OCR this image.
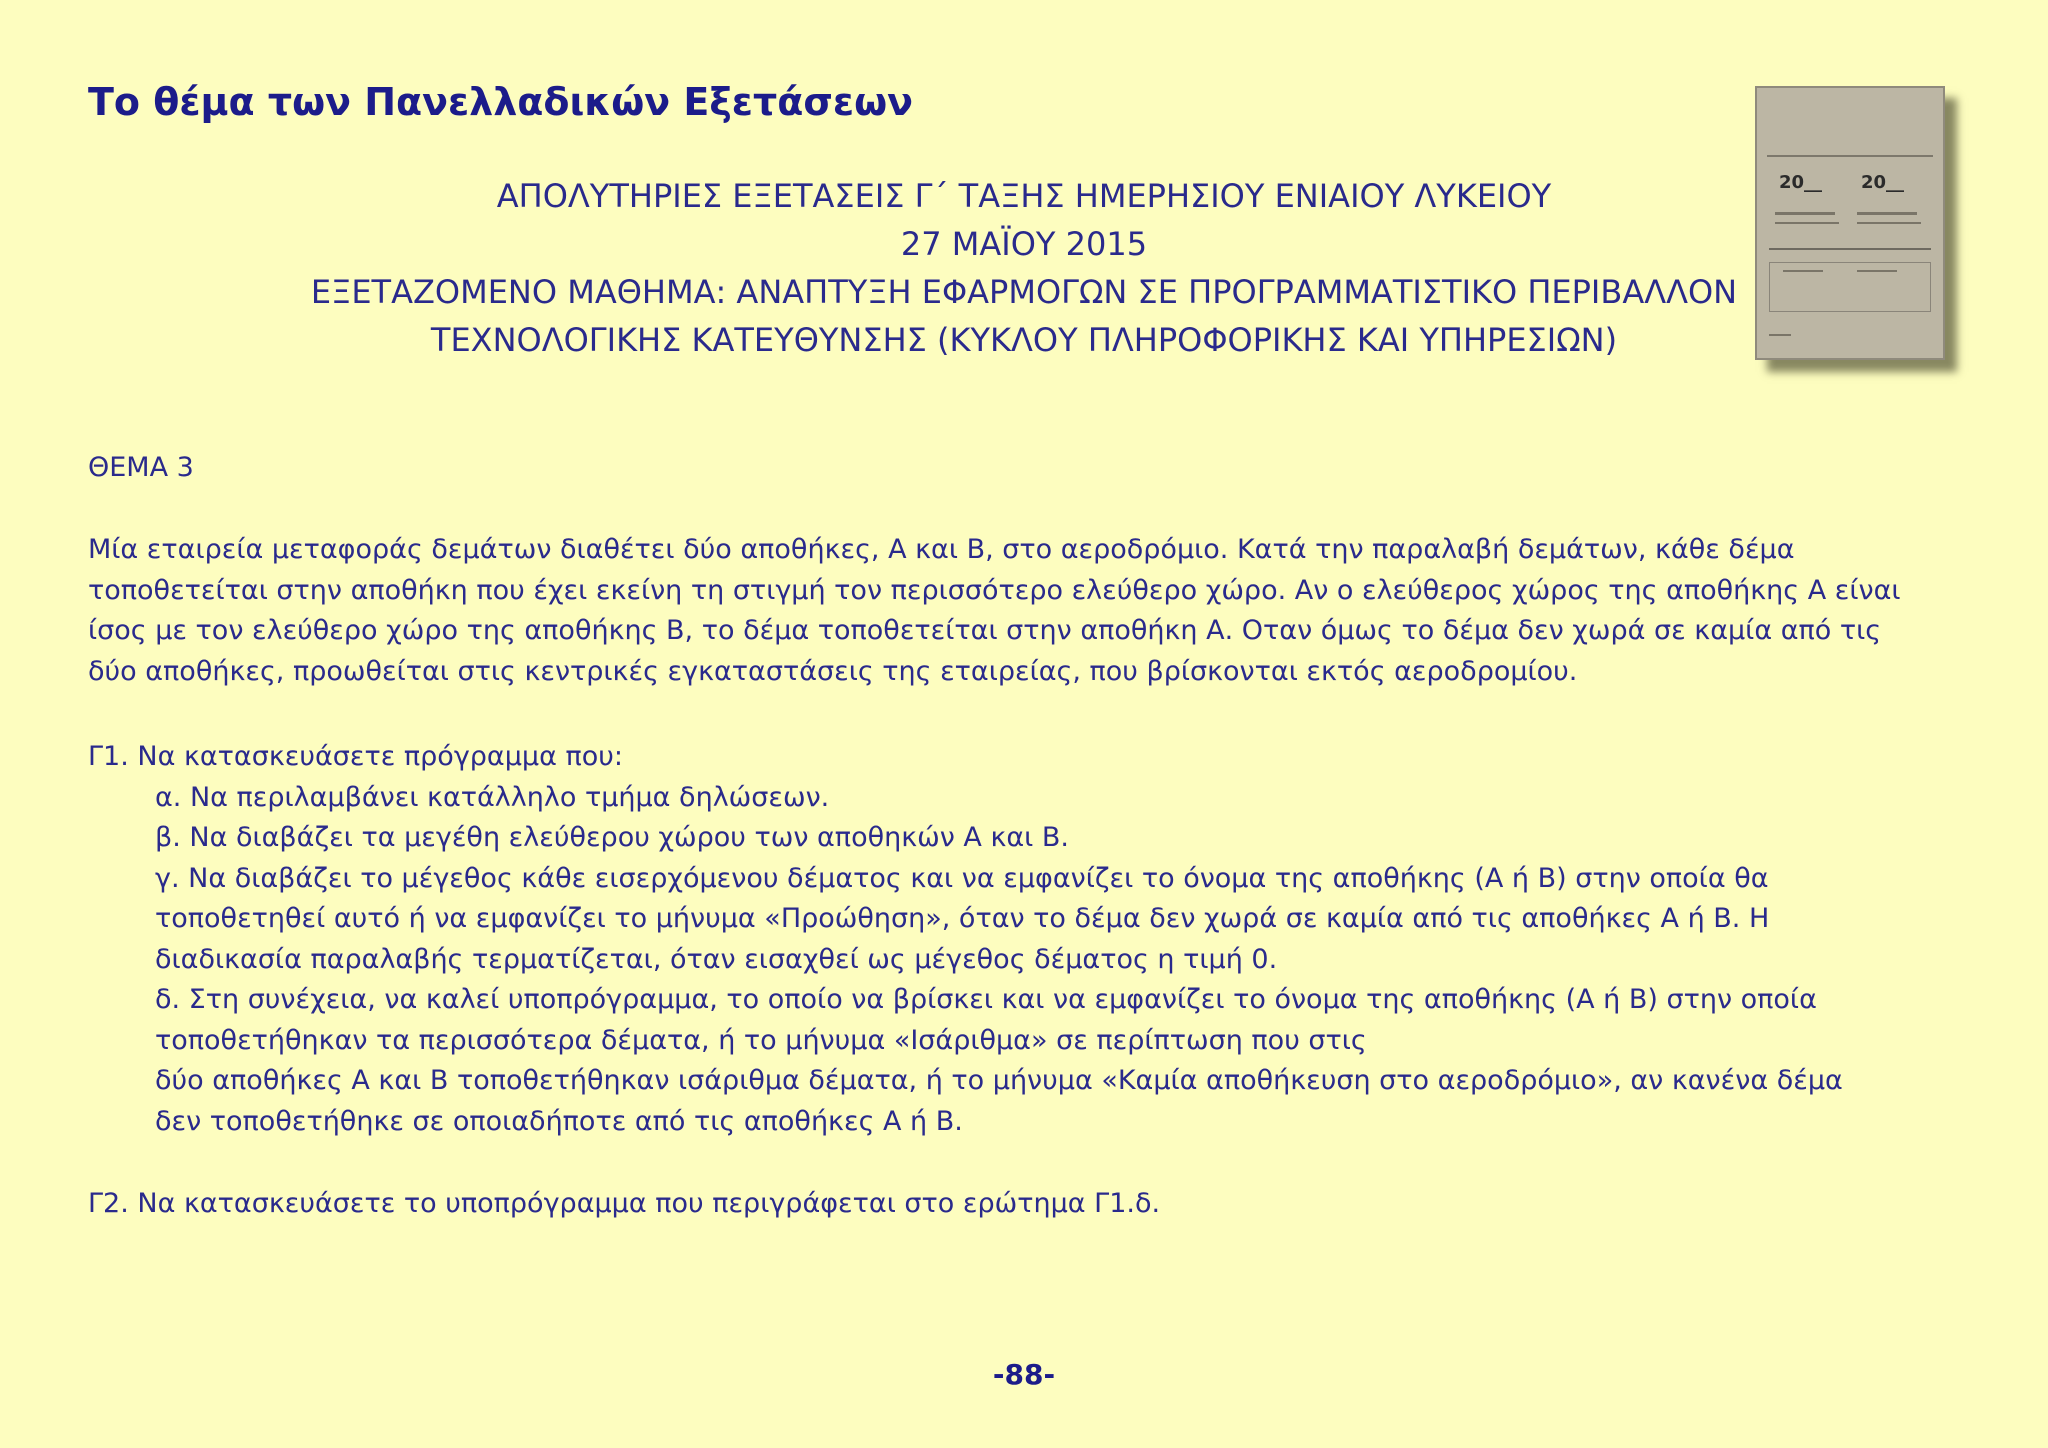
Το θέμα των Πανελλαδικών Εξετάσεων
20__ 20__
ΑΠΟΛΥΤΗΡΙΕΣ ΕΞΕΤΑΣΕΙΣ Γ΄ ΤΑΞΗΣ ΗΜΕΡΗΣΙΟΥ ΕΝΙΑΙΟΥ ΛΥΚΕΙΟΥ
27 ΜΑΪΟΥ 2015
ΕΞΕΤΑΖΟΜΕΝΟ ΜΑΘΗΜΑ: ΑΝΑΠΤΥΞΗ ΕΦΑΡΜΟΓΩΝ ΣΕ ΠΡΟΓΡΑΜΜΑΤΙΣΤΙΚΟ ΠΕΡΙΒΑΛΛΟΝ
ΤΕΧΝΟΛΟΓΙΚΗΣ ΚΑΤΕΥΘΥΝΣΗΣ (ΚΥΚΛΟΥ ΠΛΗΡΟΦΟΡΙΚΗΣ ΚΑΙ ΥΠΗΡΕΣΙΩΝ)
ΘΕΜΑ 3

Μία εταιρεία μεταφοράς δεμάτων διαθέτει δύο αποθήκες, Α και Β, στο αεροδρόμιο. Κατά την παραλαβή δεμάτων, κάθε δέμα

τοποθετείται στην αποθήκη που έχει εκείνη τη στιγμή τον περισσότερο ελεύθερο χώρο. Αν ο ελεύθερος χώρος της αποθήκης Α είναι

ίσος με τον ελεύθερο χώρο της αποθήκης Β, το δέμα τοποθετείται στην αποθήκη Α. Οταν όμως το δέμα δεν χωρά σε καμία από τις

δύο αποθήκες, προωθείται στις κεντρικές εγκαταστάσεις της εταιρείας, που βρίσκονται εκτός αεροδρομίου.

Γ1. Να κατασκευάσετε πρόγραμμα που:

α. Να περιλαμβάνει κατάλληλο τμήμα δηλώσεων.

β. Να διαβάζει τα μεγέθη ελεύθερου χώρου των αποθηκών Α και Β.

γ. Να διαβάζει το μέγεθος κάθε εισερχόμενου δέματος και να εμφανίζει το όνομα της αποθήκης (Α ή Β) στην οποία θα

τοποθετηθεί αυτό ή να εμφανίζει το μήνυμα «Προώθηση», όταν το δέμα δεν χωρά σε καμία από τις αποθήκες Α ή Β. Η

διαδικασία παραλαβής τερματίζεται, όταν εισαχθεί ως μέγεθος δέματος η τιμή 0.

δ. Στη συνέχεια, να καλεί υποπρόγραμμα, το οποίο να βρίσκει και να εμφανίζει το όνομα της αποθήκης (Α ή Β) στην οποία

τοποθετήθηκαν τα περισσότερα δέματα, ή το μήνυμα «Ισάριθμα» σε περίπτωση που στις

δύο αποθήκες Α και Β τοποθετήθηκαν ισάριθμα δέματα, ή το μήνυμα «Καμία αποθήκευση στο αεροδρόμιο», αν κανένα δέμα

δεν τοποθετήθηκε σε οποιαδήποτε από τις αποθήκες Α ή Β.

Γ2. Να κατασκευάσετε το υποπρόγραμμα που περιγράφεται στο ερώτημα Γ1.δ.

-88-
